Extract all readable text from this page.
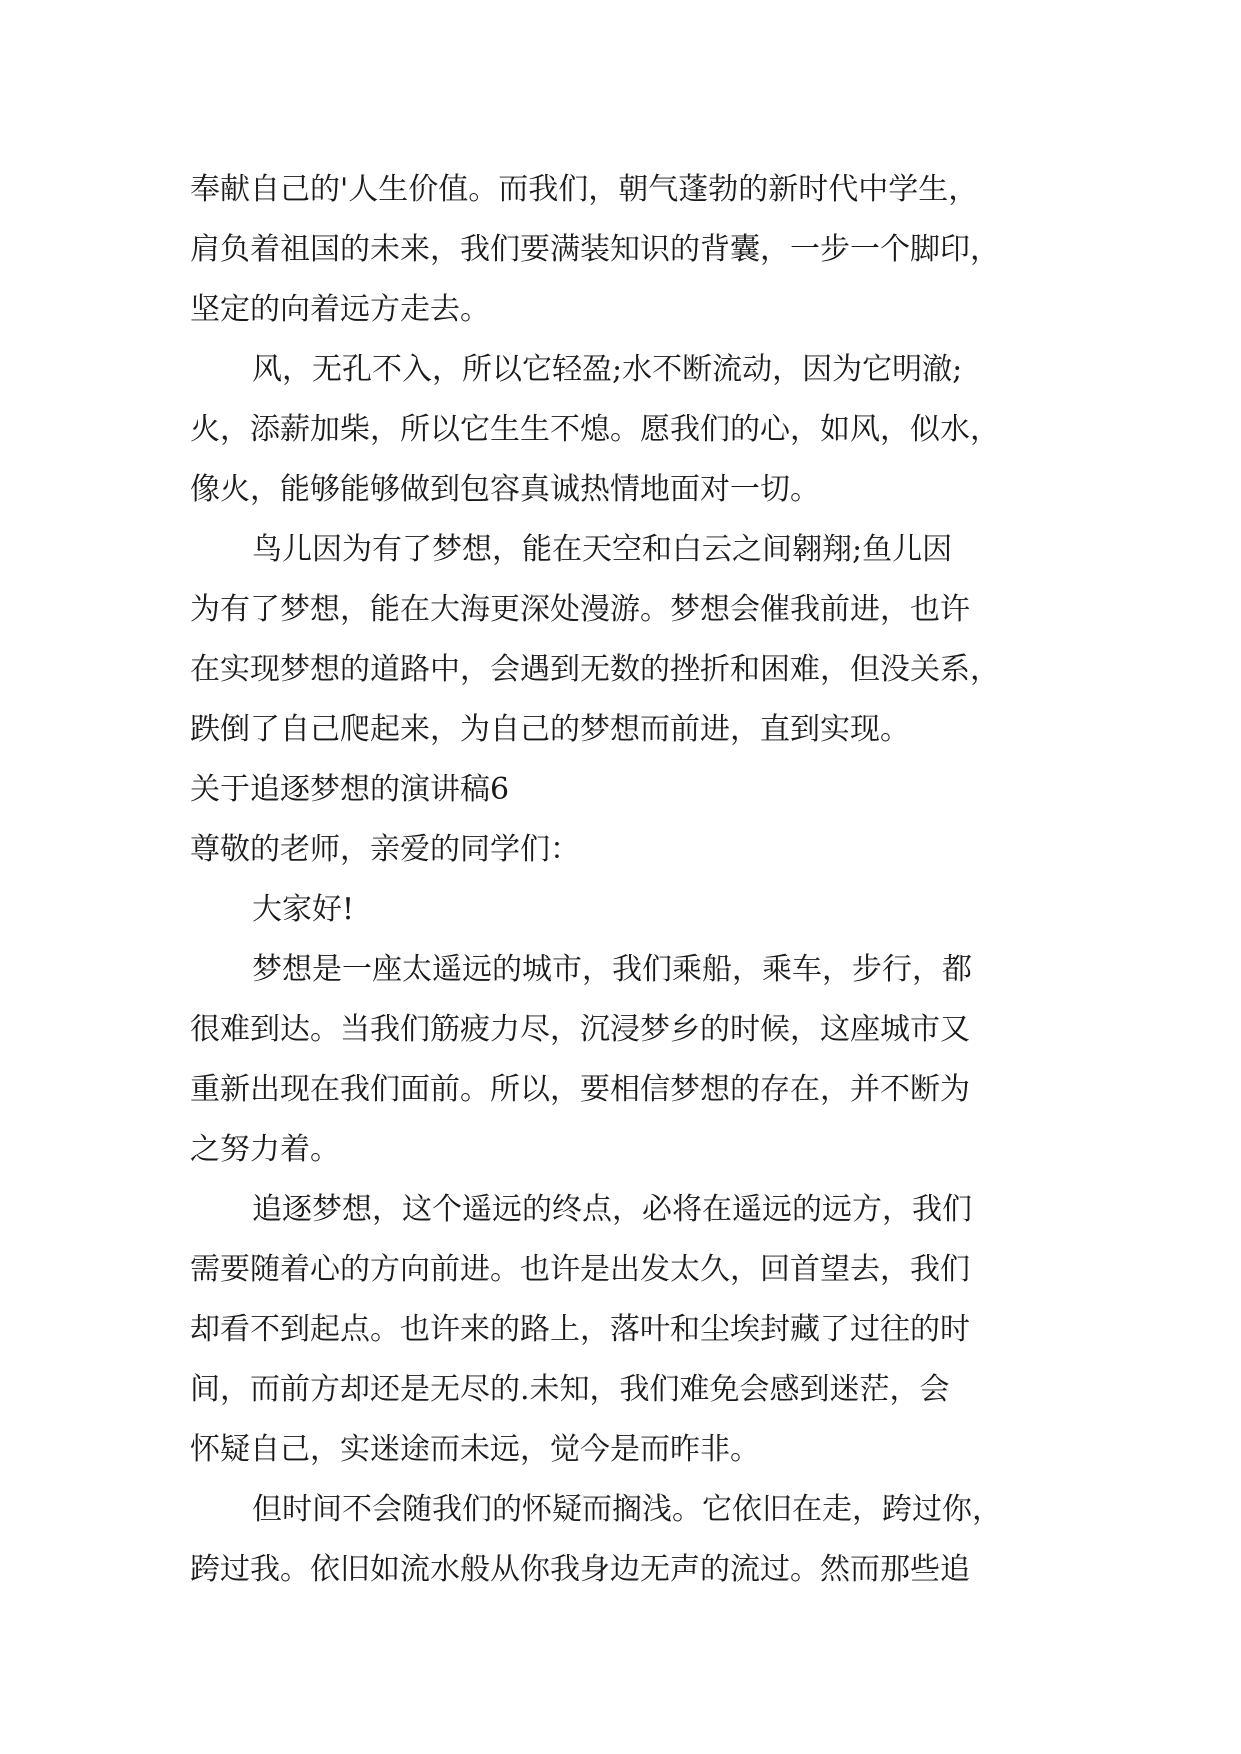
奉献自己的'人生价值。而我们，朝气蓬勃的新时代中学生，
肩负着祖国的未来，我们要满装知识的背囊，一步一个脚印，
坚定的向着远方走去。
风，无孔不入，所以它轻盈;水不断流动，因为它明澈;
火，添薪加柴，所以它生生不熄。愿我们的心，如风，似水，
像火，能够能够做到包容真诚热情地面对一切。
鸟儿因为有了梦想，能在天空和白云之间翱翔;鱼儿因
为有了梦想，能在大海更深处漫游。梦想会催我前进，也许
在实现梦想的道路中，会遇到无数的挫折和困难，但没关系，
跌倒了自己爬起来，为自己的梦想而前进，直到实现。
关于追逐梦想的演讲稿6
尊敬的老师，亲爱的同学们：
大家好!
梦想是一座太遥远的城市，我们乘船，乘车，步行，都
很难到达。当我们筋疲力尽，沉浸梦乡的时候，这座城市又
重新出现在我们面前。所以，要相信梦想的存在，并不断为
之努力着。
追逐梦想，这个遥远的终点，必将在遥远的远方，我们
需要随着心的方向前进。也许是出发太久，回首望去，我们
却看不到起点。也许来的路上，落叶和尘埃封藏了过往的时
间，而前方却还是无尽的.未知，我们难免会感到迷茫，会
怀疑自己，实迷途而未远，觉今是而昨非。
但时间不会随我们的怀疑而搁浅。它依旧在走，跨过你，
跨过我。依旧如流水般从你我身边无声的流过。然而那些追
